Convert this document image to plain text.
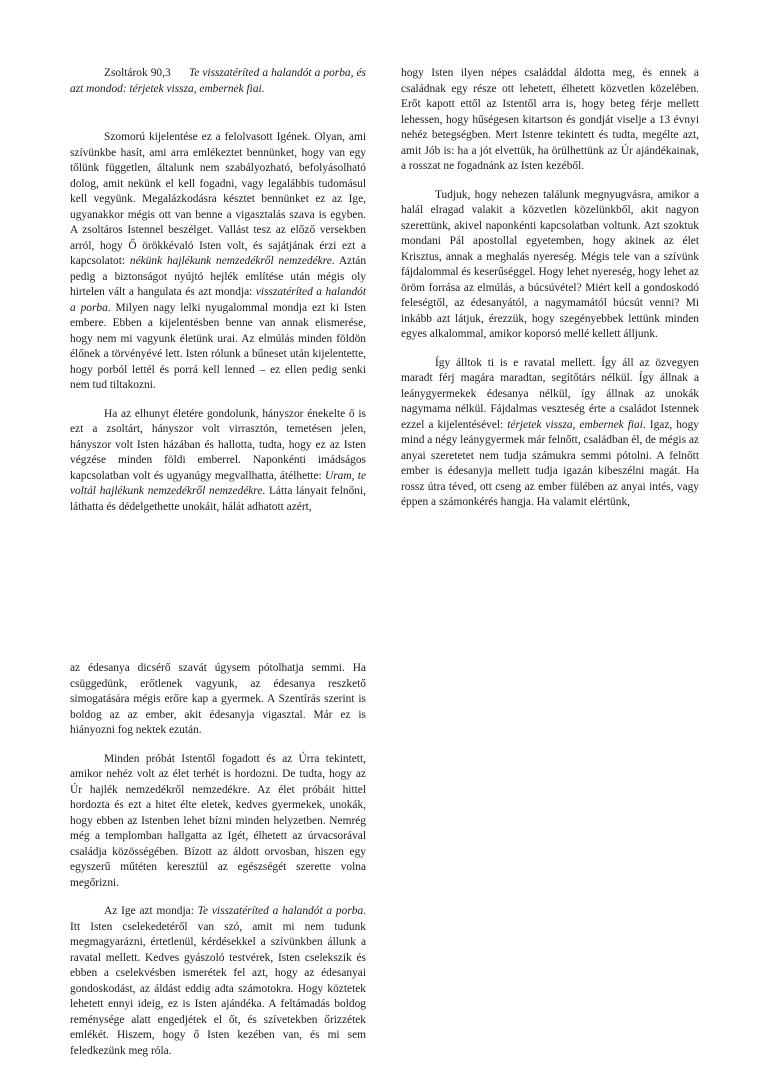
Zsoltárok 90,3 Te visszatéríted a halandót a porba, és azt mondod: térjetek vissza, embernek fiai.

Szomorú kijelentése ez a felolvasott Igének. Olyan, ami szívünkbe hasít, ami arra emlékeztet bennünket, hogy van egy tőlünk független, általunk nem szabályozható, befolyásolható dolog, amit nekünk el kell fogadni, vagy legalábbis tudomásul kell vegyünk. Megalázkodásra késztet bennünket ez az Ige, ugyanakkor mégis ott van benne a vigasztalás szava is egyben. A zsoltáros Istennel beszélget. Vallást tesz az előző versekben arról, hogy Ő örökkévaló Isten volt, és sajátjának érzi ezt a kapcsolatot: nékünk hajlékunk nemzedékről nemzedékre. Aztán pedig a biztonságot nyújtó hejlék említése után mégis oly hirtelen vált a hangulata és azt mondja: visszatéríted a halandót a porba. Milyen nagy lelki nyugalommal mondja ezt ki Isten embere. Ebben a kijelentésben benne van annak elismerése, hogy nem mi vagyunk életünk urai. Az elmúlás minden földön élőnek a törvényévé lett. Isten rólunk a bűneset után kijelentette, hogy porból lettél és porrá kell lenned – ez ellen pedig senki nem tud tiltakozni.

Ha az elhunyt életére gondolunk, hányszor énekelte ő is ezt a zsoltárt, hányszor volt virrasztón, temetésen jelen, hányszor volt Isten házában és hallotta, tudta, hogy ez az Isten végzése minden földi emberrel. Naponkénti imádságos kapcsolatban volt és ugyanúgy megvallhatta, átélhette: Uram, te voltál hajlékunk nemzedékről nemzedékre. Látta lányait felnőni, láthatta és dédelgethette unokáit, hálát adhatott azért,

hogy Isten ilyen népes családdal áldotta meg, és ennek a családnak egy része ott lehetett, élhetett közvetlen közelében. Erőt kapott ettől az Istentől arra is, hogy beteg férje mellett lehessen, hogy hűségesen kitartson és gondját viselje a 13 évnyi nehéz betegségben. Mert Istenre tekintett és tudta, megélte azt, amit Jób is: ha a jót elvettük, ha örülhettünk az Úr ajándékainak, a rosszat ne fogadnánk az Isten kezéből.

Tudjuk, hogy nehezen találunk megnyugvásra, amikor a halál elragad valakit a közvetlen közelünkből, akit nagyon szerettünk, akivel naponkénti kapcsolatban voltunk. Azt szoktuk mondani Pál apostollal egyetemben, hogy akinek az élet Krisztus, annak a meghalás nyereség. Mégis tele van a szívünk fájdalommal és keserűséggel. Hogy lehet nyereség, hogy lehet az öröm forrása az elmúlás, a búcsúvétel? Miért kell a gondoskodó feleségtől, az édesanyától, a nagymamától búcsút venni? Mi inkább azt látjuk, érezzük, hogy szegényebbek lettünk minden egyes alkalommal, amikor koporsó mellé kellett álljunk.

Így álltok ti is e ravatal mellett. Így áll az özvegyen maradt férj magára maradtan, segítőtárs nélkül. Így állnak a leánygyermekek édesanya nélkül, így állnak az unokák nagymama nélkül. Fájdalmas veszteség érte a családot Istennek ezzel a kijelentésével: térjetek vissza, embernek fiai. Igaz, hogy mind a négy leánygyermek már felnőtt, családban él, de mégis az anyai szeretetet nem tudja számukra semmi pótolni. A felnőtt ember is édesanyja mellett tudja igazán kibeszélni magát. Ha rossz útra téved, ott cseng az ember fülében az anyai intés, vagy éppen a számonkérés hangja. Ha valamit elértünk,

az édesanya dicsérő szavát úgysem pótolhatja semmi. Ha csüggedünk, erőtlenek vagyunk, az édesanya reszkető simogatására mégis erőre kap a gyermek. A Szentírás szerint is boldog az az ember, akit édesanyja vigasztal. Már ez is hiányozni fog nektek ezután.

Minden próbát Istentől fogadott és az Úrra tekintett, amikor nehéz volt az élet terhét is hordozni. De tudta, hogy az Úr hajlék nemzedékről nemzedékre. Az élet próbáit hittel hordozta és ezt a hitet élte eletek, kedves gyermekek, unokák, hogy ebben az Istenben lehet bízni minden helyzetben. Nemrég még a templomban hallgatta az Igét, élhetett az úrvacsorával családja közösségében. Bízott az áldott orvosban, hiszen egy egyszerű műtéten keresztül az egészségét szerette volna megőrizni.

Az Ige azt mondja: Te visszatéríted a halandót a porba. Itt Isten cselekedetéről van szó, amit mi nem tudunk megmagyarázni, értetlenül, kérdésekkel a szívünkben állunk a ravatal mellett. Kedves gyászoló testvérek, Isten cselekszik és ebben a cselekvésben ismerétek fel azt, hogy az édesanyai gondoskodást, az áldást eddig adta számotokra. Hogy köztetek lehetett ennyi ideig, ez is Isten ajándéka. A feltámadás boldog reménysége alatt engedjétek el őt, és szívetekben őrizzétek emlékét. Hiszem, hogy ő Isten kezében van, és mi sem feledkezünk meg róla.
